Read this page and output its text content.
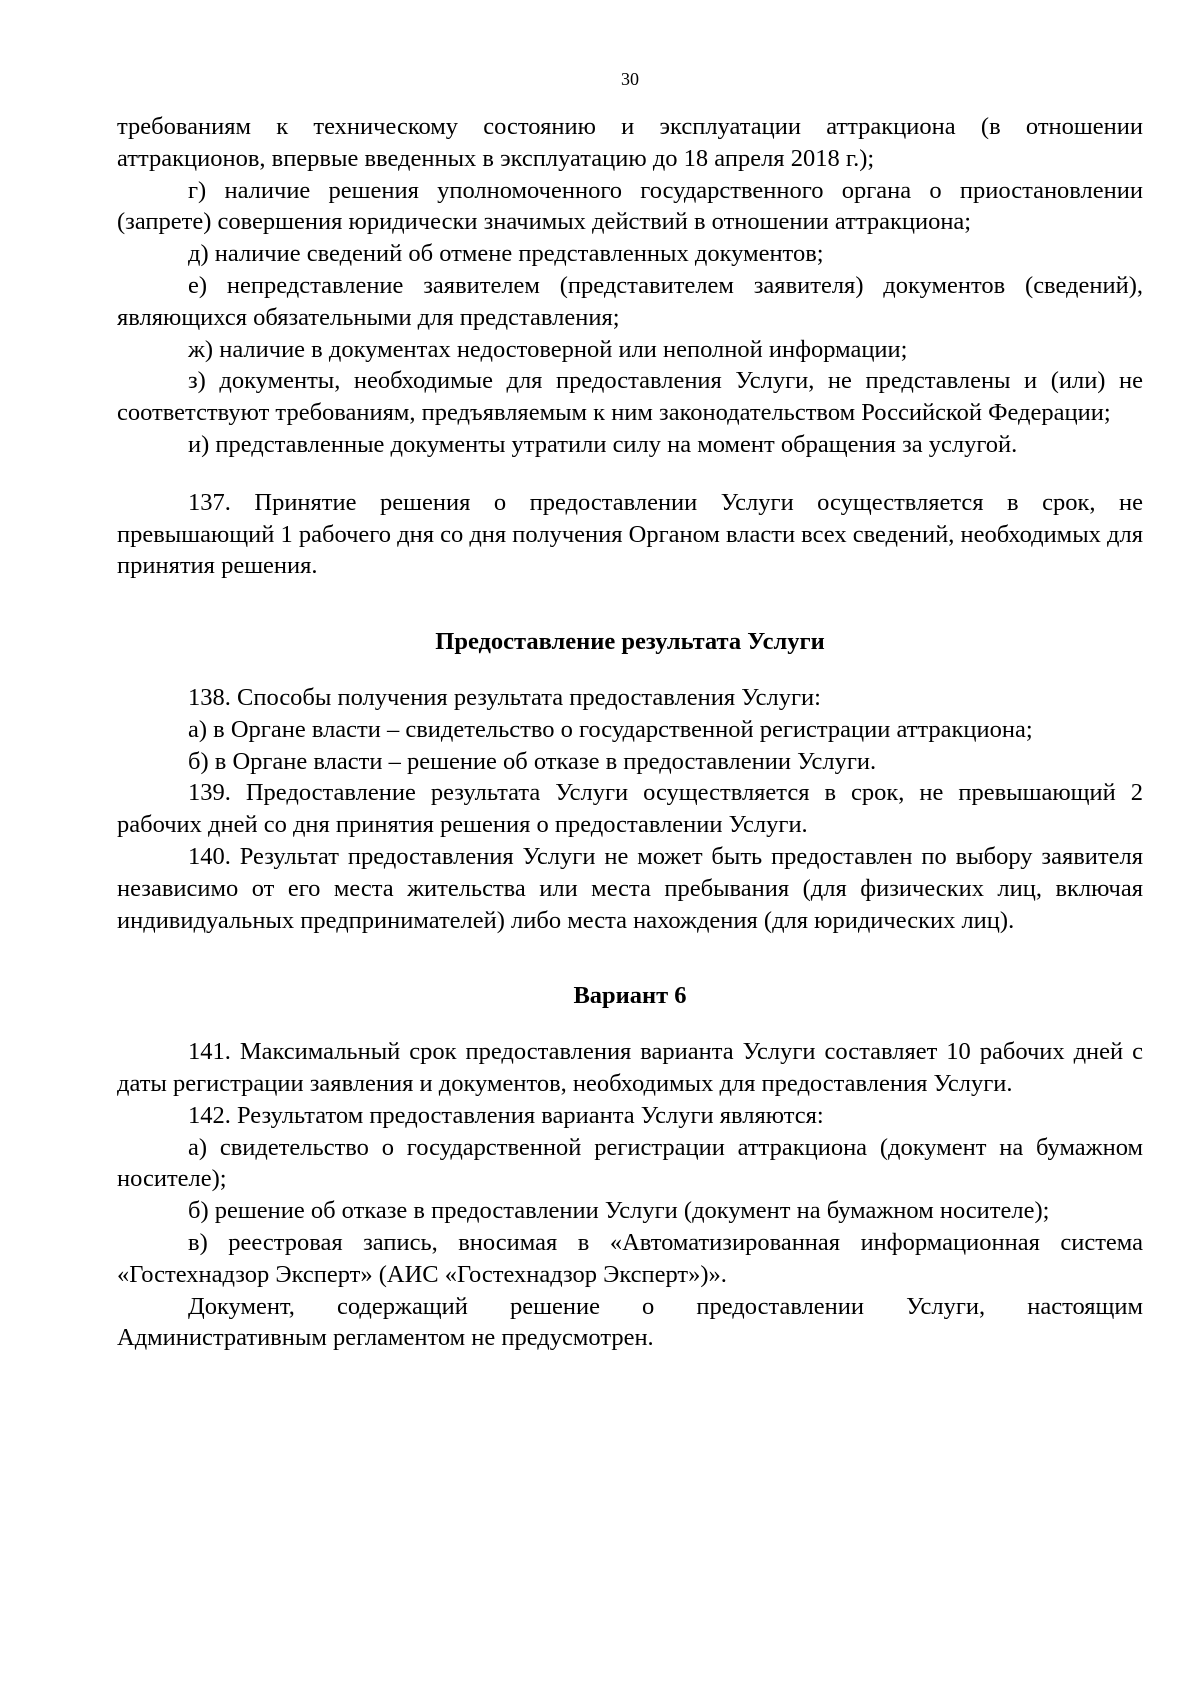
30

требованиям к техническому состоянию и эксплуатации аттракциона (в отношении аттракционов, впервые введенных в эксплуатацию до 18 апреля 2018 г.);

г) наличие решения уполномоченного государственного органа о приостановлении (запрете) совершения юридически значимых действий в отношении аттракциона;

д) наличие сведений об отмене представленных документов;

е) непредставление заявителем (представителем заявителя) документов (сведений), являющихся обязательными для представления;

ж) наличие в документах недостоверной или неполной информации;

з) документы, необходимые для предоставления Услуги, не представлены и (или) не соответствуют требованиям, предъявляемым к ним законодательством Российской Федерации;

и) представленные документы утратили силу на момент обращения за услугой.

137. Принятие решения о предоставлении Услуги осуществляется в срок, не превышающий 1 рабочего дня со дня получения Органом власти всех сведений, необходимых для принятия решения.

Предоставление результата Услуги

138. Способы получения результата предоставления Услуги:

а) в Органе власти – свидетельство о государственной регистрации аттракциона;

б) в Органе власти – решение об отказе в предоставлении Услуги.

139. Предоставление результата Услуги осуществляется в срок, не превышающий 2 рабочих дней со дня принятия решения о предоставлении Услуги.

140. Результат предоставления Услуги не может быть предоставлен по выбору заявителя независимо от его места жительства или места пребывания (для физических лиц, включая индивидуальных предпринимателей) либо места нахождения (для юридических лиц).

Вариант 6

141. Максимальный срок предоставления варианта Услуги составляет 10 рабочих дней с даты регистрации заявления и документов, необходимых для предоставления Услуги.

142. Результатом предоставления варианта Услуги являются:

а) свидетельство о государственной регистрации аттракциона (документ на бумажном носителе);

б) решение об отказе в предоставлении Услуги (документ на бумажном носителе);

в) реестровая запись, вносимая в «Автоматизированная информационная система «Гостехнадзор Эксперт» (АИС «Гостехнадзор Эксперт»)».

Документ, содержащий решение о предоставлении Услуги, настоящим Административным регламентом не предусмотрен.
